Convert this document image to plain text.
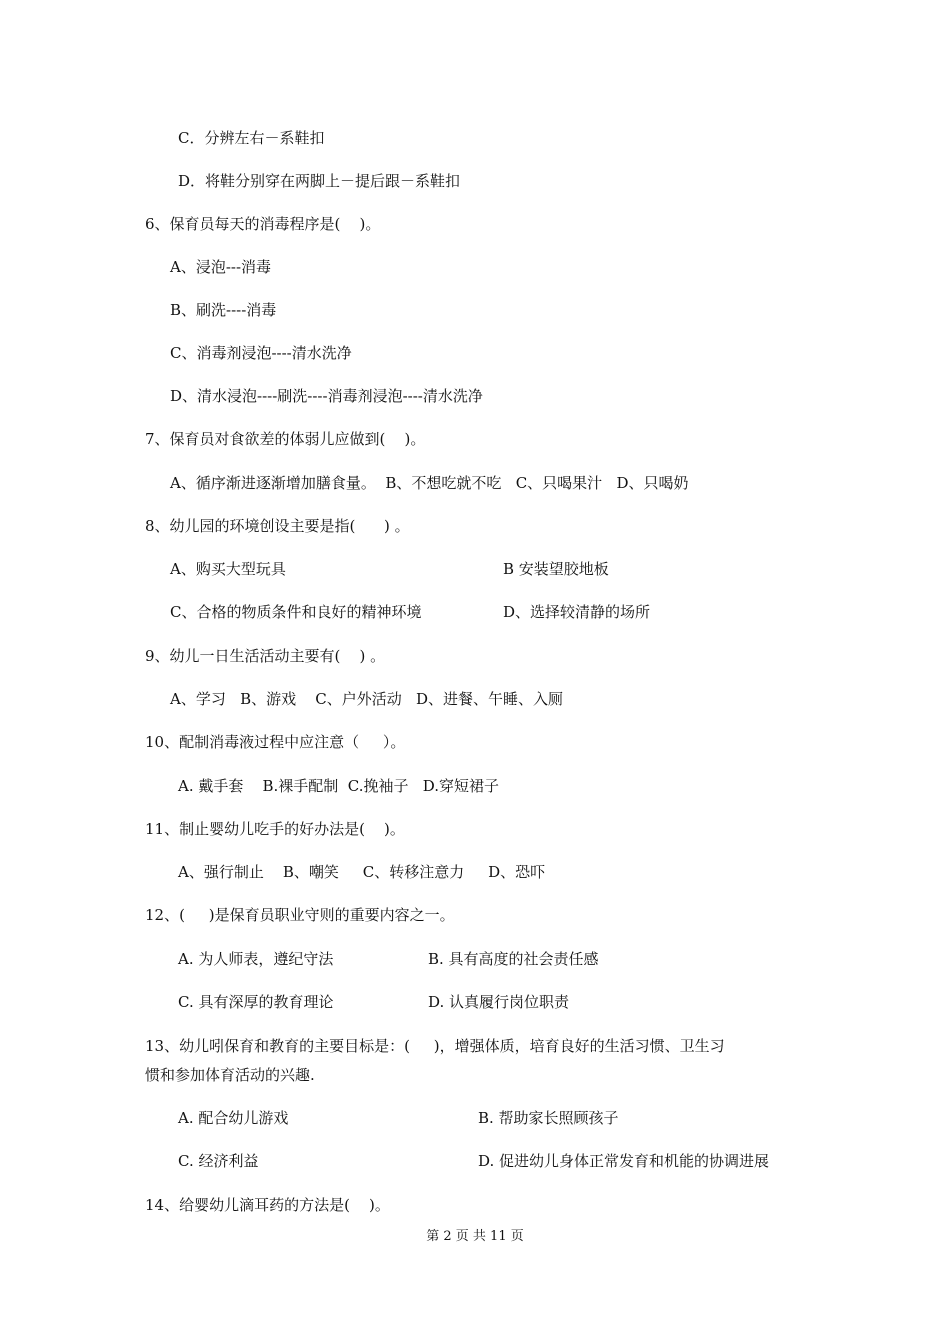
C．分辨左右－系鞋扣
D．将鞋分别穿在两脚上－提后跟－系鞋扣
6、保育员每天的消毒程序是(    )。
A、浸泡---消毒
B、刷洗----消毒
C、消毒剂浸泡----清水洗净
D、清水浸泡----刷洗----消毒剂浸泡----清水洗净
7、保育员对食欲差的体弱儿应做到(    )。
A、循序渐进逐渐增加膳食量。  B、不想吃就不吃   C、只喝果汁   D、只喝奶
8、幼儿园的环境创设主要是指(      ) 。
A、购买大型玩具	B 安装望胶地板
C、合格的物质条件和良好的精神环境	D、选择较清静的场所
9、幼儿一日生活活动主要有(    ) 。
A、学习   B、游戏    C、户外活动   D、进餐、午睡、入厕
10、配制消毒液过程中应注意（     ）。
A. 戴手套    B.裸手配制  C.挽袖子   D.穿短裙子
11、制止婴幼儿吃手的好办法是(    )。
A、强行制止    B、嘲笑     C、转移注意力     D、恐吓
12、(     )是保育员职业守则的重要内容之一。
A. 为人师表，遵纪守法	B. 具有高度的社会责任感
C. 具有深厚的教育理论	D. 认真履行岗位职责
13、幼儿吲保育和教育的主要目标是：(     )，增强体质，培育良好的生活习惯、卫生习
惯和参加体育活动的兴趣.
A. 配合幼儿游戏	B. 帮助家长照顾孩子
C. 经济利益	D. 促进幼儿身体正常发育和机能的协调进展
14、给婴幼儿滴耳药的方法是(    )。
第 2 页 共 11 页
